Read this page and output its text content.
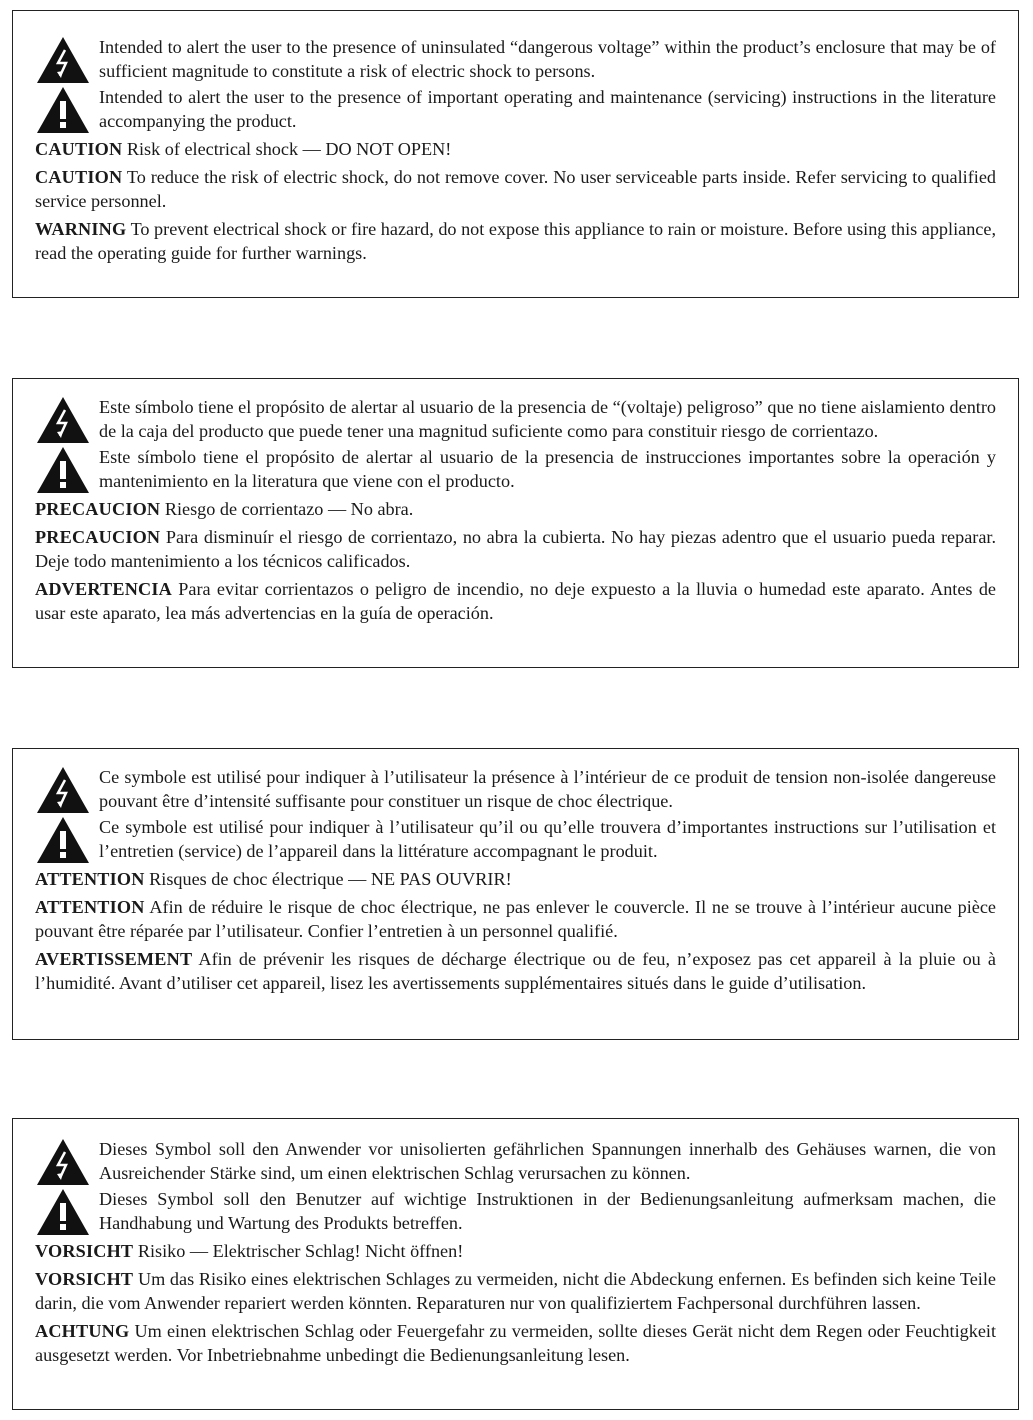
Intended to alert the user to the presence of uninsulated “dangerous voltage” within the product’s enclosure that may be of sufficient magnitude to constitute a risk of electric shock to persons.
Intended to alert the user to the presence of important operating and maintenance (servicing) instructions in the literature accompanying the product.
CAUTION Risk of electrical shock — DO NOT OPEN!
CAUTION To reduce the risk of electric shock, do not remove cover. No user serviceable parts inside. Refer servicing to qualified service personnel.
WARNING To prevent electrical shock or fire hazard, do not expose this appliance to rain or moisture. Before using this appliance, read the operating guide for further warnings.
Este símbolo tiene el propósito de alertar al usuario de la presencia de “(voltaje) peligroso” que no tiene aislamiento dentro de la caja del producto que puede tener una magnitud suficiente como para constituir riesgo de corrientazo.
Este símbolo tiene el propósito de alertar al usuario de la presencia de instrucciones importantes sobre la operación y mantenimiento en la literatura que viene con el producto.
PRECAUCION Riesgo de corrientazo — No abra.
PRECAUCION Para disminuír el riesgo de corrientazo, no abra la cubierta. No hay piezas adentro que el usuario pueda reparar. Deje todo mantenimiento a los técnicos calificados.
ADVERTENCIA Para evitar corrientazos o peligro de incendio, no deje expuesto a la lluvia o humedad este aparato. Antes de usar este aparato, lea más advertencias en la guía de operación.
Ce symbole est utilisé pour indiquer à l’utilisateur la présence à l’intérieur de ce produit de tension non-isolée dangereuse pouvant être d’intensité suffisante pour constituer un risque de choc électrique.
Ce symbole est utilisé pour indiquer à l’utilisateur qu’il ou qu’elle trouvera d’importantes instructions sur l’utilisation et l’entretien (service) de l’appareil dans la littérature accompagnant le produit.
ATTENTION Risques de choc électrique — NE PAS OUVRIR!
ATTENTION Afin de réduire le risque de choc électrique, ne pas enlever le couvercle. Il ne se trouve à l’intérieur aucune pièce pouvant être réparée par l’utilisateur. Confier l’entretien à un personnel qualifié.
AVERTISSEMENT Afin de prévenir les risques de décharge électrique ou de feu, n’exposez pas cet appareil à la pluie ou à l’humidité. Avant d’utiliser cet appareil, lisez les avertissements supplémentaires situés dans le guide d’utilisation.
Dieses Symbol soll den Anwender vor unisolierten gefährlichen Spannungen innerhalb des Gehäuses warnen, die von Ausreichender Stärke sind, um einen elektrischen Schlag verursachen zu können.
Dieses Symbol soll den Benutzer auf wichtige Instruktionen in der Bedienungsanleitung aufmerksam machen, die Handhabung und Wartung des Produkts betreffen.
VORSICHT Risiko — Elektrischer Schlag! Nicht öffnen!
VORSICHT Um das Risiko eines elektrischen Schlages zu vermeiden, nicht die Abdeckung enfernen. Es befinden sich keine Teile darin, die vom Anwender repariert werden könnten. Reparaturen nur von qualifiziertem Fachpersonal durchführen lassen.
ACHTUNG Um einen elektrischen Schlag oder Feuergefahr zu vermeiden, sollte dieses Gerät nicht dem Regen oder Feuchtigkeit ausgesetzt werden. Vor Inbetriebnahme unbedingt die Bedienungsanleitung lesen.
